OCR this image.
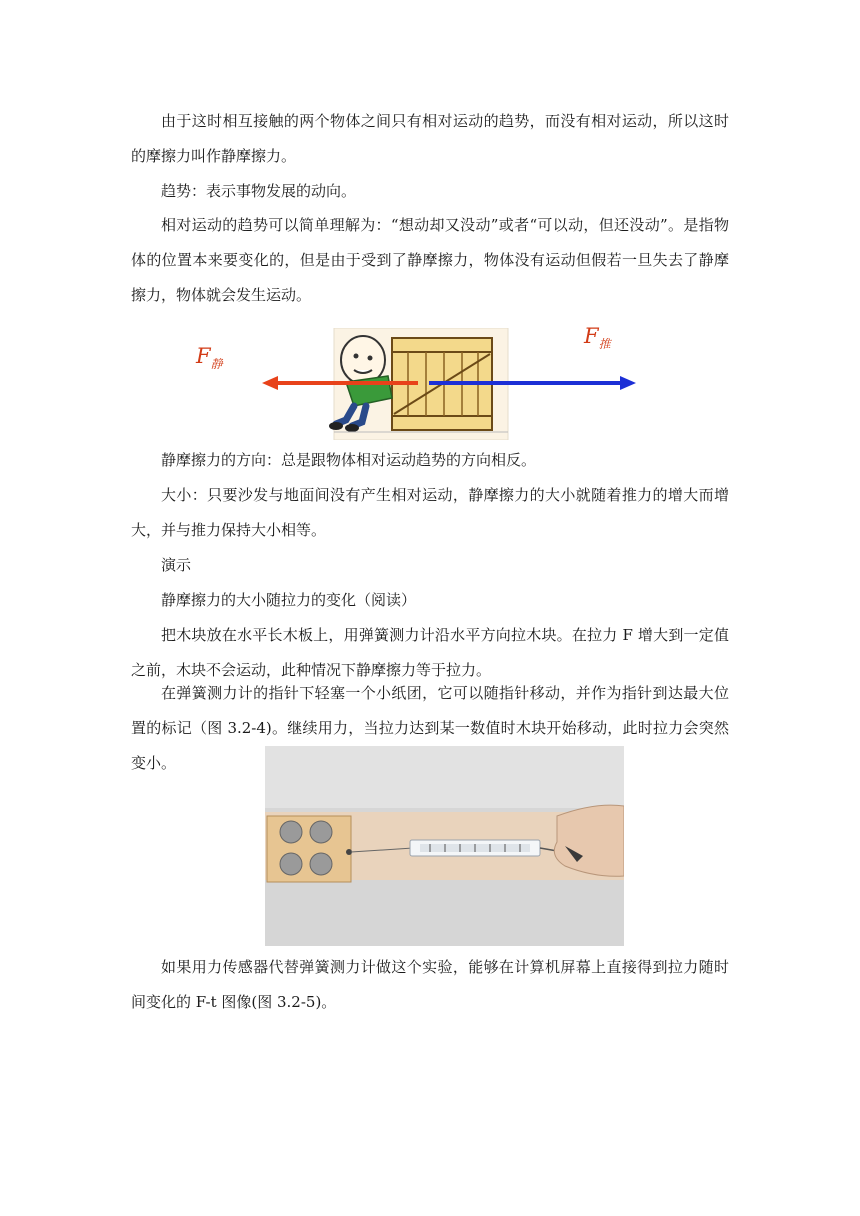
由于这时相互接触的两个物体之间只有相对运动的趋势，而没有相对运动，所以这时的摩擦力叫作静摩擦力。
趋势：表示事物发展的动向。
相对运动的趋势可以简单理解为：“想动却又没动”或者“可以动，但还没动”。是指物体的位置本来要变化的，但是由于受到了静摩擦力，物体没有运动但假若一旦失去了静摩擦力，物体就会发生运动。
$F_静$
$F_推$
静摩擦力的方向：总是跟物体相对运动趋势的方向相反。
大小：只要沙发与地面间没有产生相对运动，静摩擦力的大小就随着推力的增大而增大，并与推力保持大小相等。
演示
静摩擦力的大小随拉力的变化（阅读）
把木块放在水平长木板上，用弹簧测力计沿水平方向拉木块。在拉力 F 增大到一定值之前，木块不会运动，此种情况下静摩擦力等于拉力。
在弹簧测力计的指针下轻塞一个小纸团，它可以随指针移动，并作为指针到达最大位置的标记（图 3.2-4)。继续用力，当拉力达到某一数值时木块开始移动，此时拉力会突然变小。
如果用力传感器代替弹簧测力计做这个实验，能够在计算机屏幕上直接得到拉力随时间变化的 F-t 图像(图 3.2-5)。
